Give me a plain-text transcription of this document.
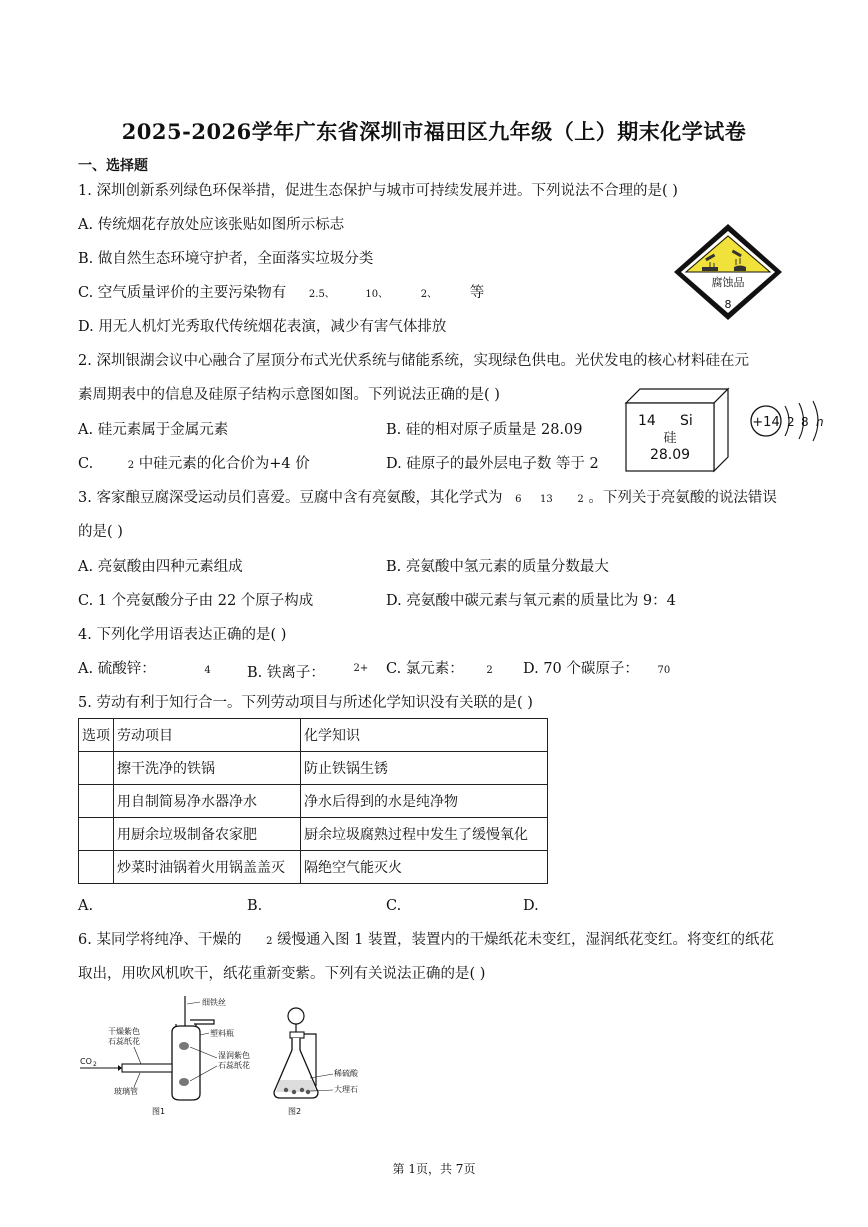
2025-2026学年广东省深圳市福田区九年级（上）期末化学试卷
一、选择题
1. 深圳创新系列绿色环保举措，促进生态保护与城市可持续发展并进。下列说法不合理的是( )
A. 传统烟花存放处应该张贴如图所示标志
B. 做自然生态环境守护者，全面落实垃圾分类
C. 空气质量评价的主要污染物有 2.5、	10、	2、 等
D. 用无人机灯光秀取代传统烟花表演，减少有害气体排放
腐蚀品
8
2. 深圳银湖会议中心融合了屋顶分布式光伏系统与储能系统，实现绿色供电。光伏发电的核心材料硅在元
素周期表中的信息及硅原子结构示意图如图。下列说法正确的是( )
A. 硅元素属于金属元素	B. 硅的相对原子质量是 28.09
C.	2 中硅元素的化合价为+4 价	D. 硅原子的最外层电子数 等于 2
14 Si
硅
28.09
+14 2 8 n
3. 客家酿豆腐深受运动员们喜爱。豆腐中含有亮氨酸，其化学式为 6 13 2 。下列关于亮氨酸的说法错误
的是( )
A. 亮氨酸由四种元素组成	B. 亮氨酸中氢元素的质量分数最大
C. 1 个亮氨酸分子由 22 个原子构成	D. 亮氨酸中碳元素与氧元素的质量比为 9：4
4. 下列化学用语表达正确的是( )
A. 硫酸锌：	4	B. 铁离子：	$^{2+}$ C. 氯元素： 2 D. 70 个碳原子： 70
5. 劳动有利于知行合一。下列劳动项目与所述化学知识没有关联的是( )
选项	劳动项目	化学知识
	擦干洗净的铁锅	防止铁锅生锈
	用自制简易净水器净水	净水后得到的水是纯净物
	用厨余垃圾制备农家肥	厨余垃圾腐熟过程中发生了缓慢氧化
	炒菜时油锅着火用锅盖盖灭	隔绝空气能灭火
A.	B.	C.	D.
6. 某同学将纯净、干燥的 2 缓慢通入图 1 装置，装置内的干燥纸花未变红，湿润纸花变红。将变红的纸花
取出，用吹风机吹干，纸花重新变紫。下列有关说法正确的是( )
细铁丝
塑料瓶
湿润紫色
石蕊纸花
干燥紫色
石蕊纸花
CO 2
玻璃管
图1
稀硫酸
大理石
图2
第 1页，共 7页
